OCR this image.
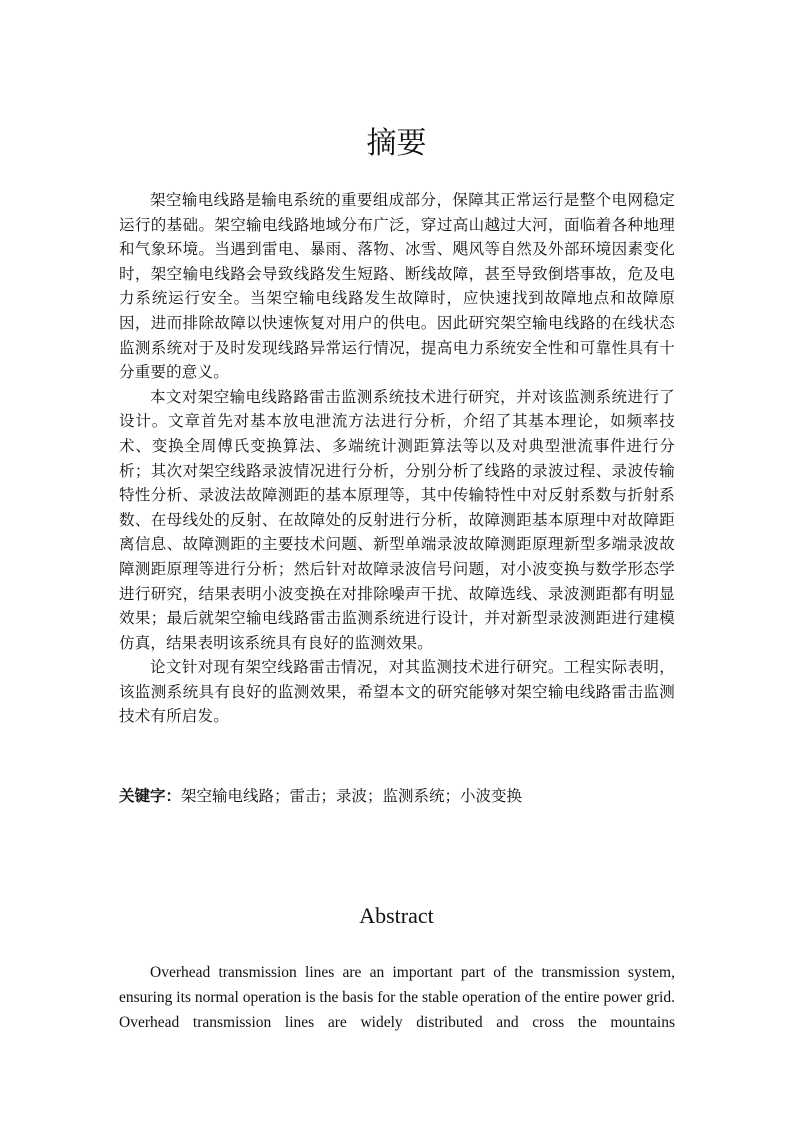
摘要

架空输电线路是输电系统的重要组成部分，保障其正常运行是整个电网稳定运行的基础。架空输电线路地域分布广泛，穿过高山越过大河，面临着各种地理和气象环境。当遇到雷电、暴雨、落物、冰雪、飓风等自然及外部环境因素变化时，架空输电线路会导致线路发生短路、断线故障，甚至导致倒塔事故，危及电力系统运行安全。当架空输电线路发生故障时，应快速找到故障地点和故障原因，进而排除故障以快速恢复对用户的供电。因此研究架空输电线路的在线状态监测系统对于及时发现线路异常运行情况，提高电力系统安全性和可靠性具有十分重要的意义。

本文对架空输电线路路雷击监测系统技术进行研究，并对该监测系统进行了设计。文章首先对基本放电泄流方法进行分析，介绍了其基本理论，如频率技术、变换全周傅氏变换算法、多端统计测距算法等以及对典型泄流事件进行分析；其次对架空线路录波情况进行分析，分别分析了线路的录波过程、录波传输特性分析、录波法故障测距的基本原理等，其中传输特性中对反射系数与折射系数、在母线处的反射、在故障处的反射进行分析，故障测距基本原理中对故障距离信息、故障测距的主要技术问题、新型单端录波故障测距原理新型多端录波故障测距原理等进行分析；然后针对故障录波信号问题，对小波变换与数学形态学进行研究，结果表明小波变换在对排除噪声干扰、故障选线、录波测距都有明显效果；最后就架空输电线路雷击监测系统进行设计，并对新型录波测距进行建模仿真，结果表明该系统具有良好的监测效果。

论文针对现有架空线路雷击情况，对其监测技术进行研究。工程实际表明，该监测系统具有良好的监测效果，希望本文的研究能够对架空输电线路雷击监测技术有所启发。

关键字：架空输电线路；雷击；录波；监测系统；小波变换
Abstract

Overhead transmission lines are an important part of the transmission system, ensuring its normal operation is the basis for the stable operation of the entire power grid. Overhead transmission lines are widely distributed and cross the mountains
